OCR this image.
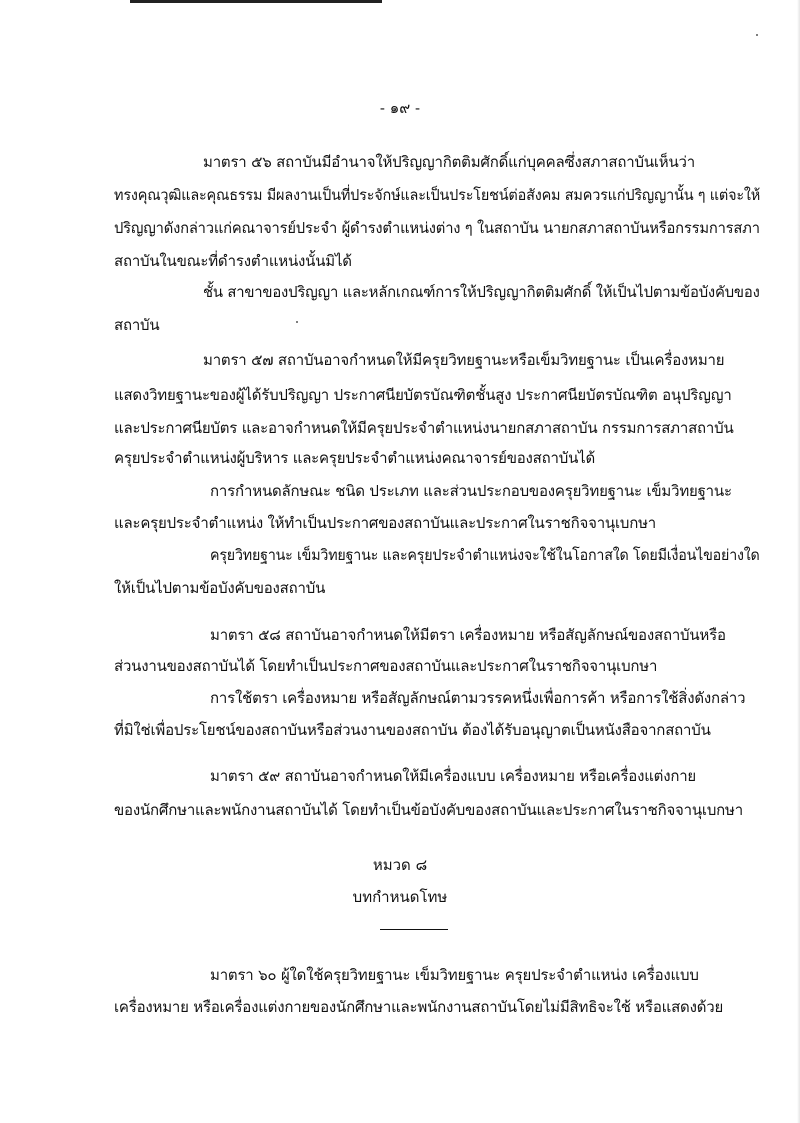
- ๑๙ -
มาตรา ๕๖ สถาบันมีอำนาจให้ปริญญากิตติมศักดิ์แก่บุคคลซึ่งสภาสถาบันเห็นว่า
ทรงคุณวุฒิและคุณธรรม มีผลงานเป็นที่ประจักษ์และเป็นประโยชน์ต่อสังคม สมควรแก่ปริญญานั้น ๆ แต่จะให้
ปริญญาดังกล่าวแก่คณาจารย์ประจำ ผู้ดำรงตำแหน่งต่าง ๆ ในสถาบัน นายกสภาสถาบันหรือกรรมการสภา
สถาบันในขณะที่ดำรงตำแหน่งนั้นมิได้
ชั้น สาขาของปริญญา และหลักเกณฑ์การให้ปริญญากิตติมศักดิ์ ให้เป็นไปตามข้อบังคับของ
สถาบัน
มาตรา ๕๗ สถาบันอาจกำหนดให้มีครุยวิทยฐานะหรือเข็มวิทยฐานะ เป็นเครื่องหมาย
แสดงวิทยฐานะของผู้ได้รับปริญญา ประกาศนียบัตรบัณฑิตชั้นสูง ประกาศนียบัตรบัณฑิต อนุปริญญา
และประกาศนียบัตร และอาจกำหนดให้มีครุยประจำตำแหน่งนายกสภาสถาบัน กรรมการสภาสถาบัน
ครุยประจำตำแหน่งผู้บริหาร และครุยประจำตำแหน่งคณาจารย์ของสถาบันได้
การกำหนดลักษณะ ชนิด ประเภท และส่วนประกอบของครุยวิทยฐานะ เข็มวิทยฐานะ
และครุยประจำตำแหน่ง ให้ทำเป็นประกาศของสถาบันและประกาศในราชกิจจานุเบกษา
ครุยวิทยฐานะ เข็มวิทยฐานะ และครุยประจำตำแหน่งจะใช้ในโอกาสใด โดยมีเงื่อนไขอย่างใด
ให้เป็นไปตามข้อบังคับของสถาบัน
มาตรา ๕๘ สถาบันอาจกำหนดให้มีตรา เครื่องหมาย หรือสัญลักษณ์ของสถาบันหรือ
ส่วนงานของสถาบันได้ โดยทำเป็นประกาศของสถาบันและประกาศในราชกิจจานุเบกษา
การใช้ตรา เครื่องหมาย หรือสัญลักษณ์ตามวรรคหนึ่งเพื่อการค้า หรือการใช้สิ่งดังกล่าว
ที่มิใช่เพื่อประโยชน์ของสถาบันหรือส่วนงานของสถาบัน ต้องได้รับอนุญาตเป็นหนังสือจากสถาบัน
มาตรา ๕๙ สถาบันอาจกำหนดให้มีเครื่องแบบ เครื่องหมาย หรือเครื่องแต่งกาย
ของนักศึกษาและพนักงานสถาบันได้ โดยทำเป็นข้อบังคับของสถาบันและประกาศในราชกิจจานุเบกษา
หมวด ๘
บทกำหนดโทษ
มาตรา ๖๐ ผู้ใดใช้ครุยวิทยฐานะ เข็มวิทยฐานะ ครุยประจำตำแหน่ง เครื่องแบบ
เครื่องหมาย หรือเครื่องแต่งกายของนักศึกษาและพนักงานสถาบันโดยไม่มีสิทธิจะใช้ หรือแสดงด้วย
